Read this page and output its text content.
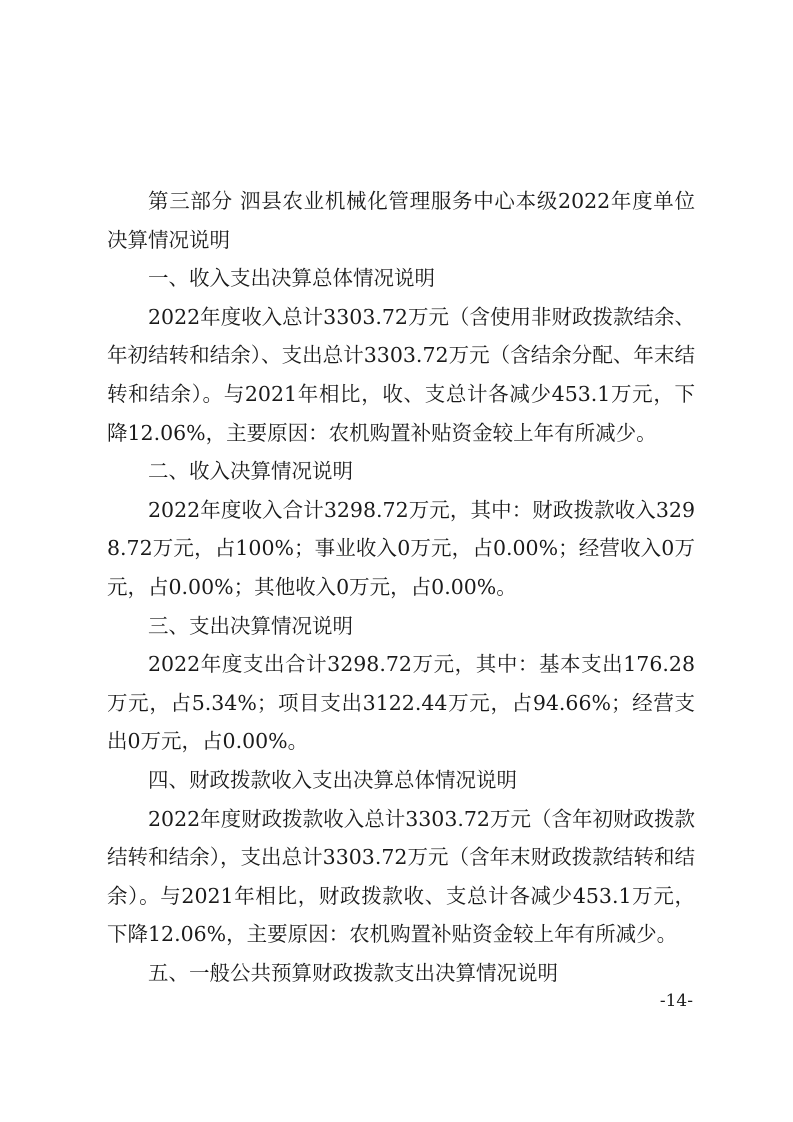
第三部分 泗县农业机械化管理服务中心本级2022年度单位决算情况说明

一、收入支出决算总体情况说明

2022年度收入总计3303.72万元（含使用非财政拨款结余、年初结转和结余）、支出总计3303.72万元（含结余分配、年末结转和结余）。与2021年相比，收、支总计各减少453.1万元，下降12.06%，主要原因：农机购置补贴资金较上年有所减少。

二、收入决算情况说明

2022年度收入合计3298.72万元，其中：财政拨款收入3298.72万元，占100%；事业收入0万元，占0.00%；经营收入0万元，占0.00%；其他收入0万元，占0.00%。

三、支出决算情况说明

2022年度支出合计3298.72万元，其中：基本支出176.28万元，占5.34%；项目支出3122.44万元，占94.66%；经营支出0万元，占0.00%。

四、财政拨款收入支出决算总体情况说明

2022年度财政拨款收入总计3303.72万元（含年初财政拨款结转和结余），支出总计3303.72万元（含年末财政拨款结转和结余）。与2021年相比，财政拨款收、支总计各减少453.1万元，下降12.06%，主要原因：农机购置补贴资金较上年有所减少。

五、一般公共预算财政拨款支出决算情况说明

-14-
